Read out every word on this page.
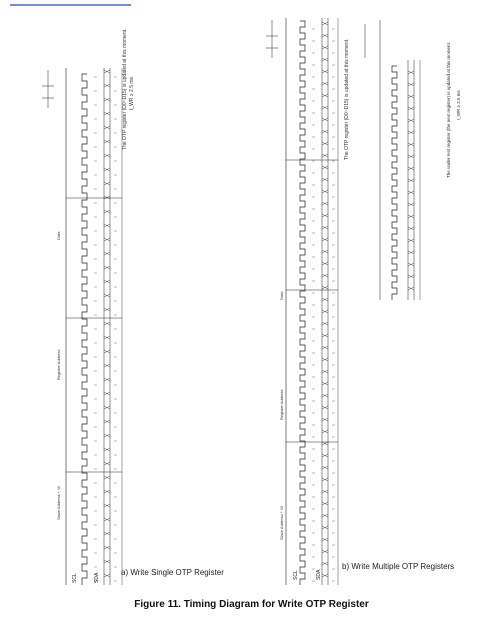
Slave Address + W
Register Address
Data
The OTP register (D0~D15) is updated at this moment. t_WR ≥ 2.5 ms
Slave Address + W
Register Address
Data
The OTP register (D0~D15) is updated at this moment.	The under-test register (the next register) is updated at this moment. t_WR ≥ 2.5 ms
SCL	SDA	SCL	SDA
a) Write Single OTP Register
b) Write Multiple OTP Registers
Figure 11. Timing Diagram for Write OTP Register
